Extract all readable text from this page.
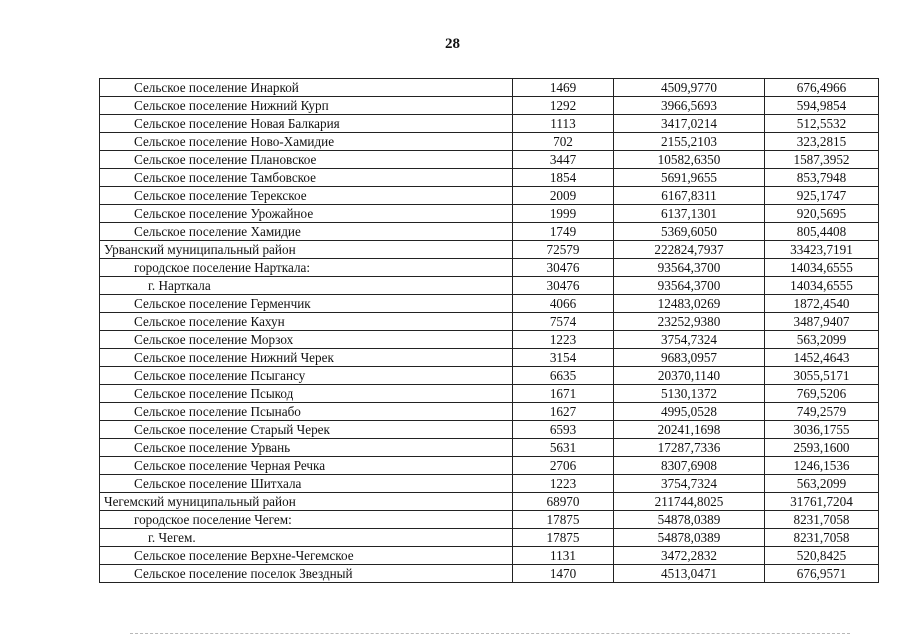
28
Сельское поселение Инаркой	1469	4509,9770	676,4966
Сельское поселение Нижний Курп	1292	3966,5693	594,9854
Сельское поселение Новая Балкария	1113	3417,0214	512,5532
Сельское поселение Ново-Хамидие	702	2155,2103	323,2815
Сельское поселение Плановское	3447	10582,6350	1587,3952
Сельское поселение Тамбовское	1854	5691,9655	853,7948
Сельское поселение Терекское	2009	6167,8311	925,1747
Сельское поселение Урожайное	1999	6137,1301	920,5695
Сельское поселение Хамидие	1749	5369,6050	805,4408
Урванский муниципальный район	72579	222824,7937	33423,7191
городское поселение Нарткала:	30476	93564,3700	14034,6555
г. Нарткала	30476	93564,3700	14034,6555
Сельское поселение Герменчик	4066	12483,0269	1872,4540
Сельское поселение Кахун	7574	23252,9380	3487,9407
Сельское поселение Морзох	1223	3754,7324	563,2099
Сельское поселение Нижний Черек	3154	9683,0957	1452,4643
Сельское поселение Псыгансу	6635	20370,1140	3055,5171
Сельское поселение Псыкод	1671	5130,1372	769,5206
Сельское поселение Псынабо	1627	4995,0528	749,2579
Сельское поселение Старый Черек	6593	20241,1698	3036,1755
Сельское поселение Урвань	5631	17287,7336	2593,1600
Сельское поселение Черная Речка	2706	8307,6908	1246,1536
Сельское поселение Шитхала	1223	3754,7324	563,2099
Чегемский муниципальный район	68970	211744,8025	31761,7204
городское поселение Чегем:	17875	54878,0389	8231,7058
г. Чегем.	17875	54878,0389	8231,7058
Сельское поселение Верхне-Чегемское	1131	3472,2832	520,8425
Сельское поселение поселок Звездный	1470	4513,0471	676,9571
